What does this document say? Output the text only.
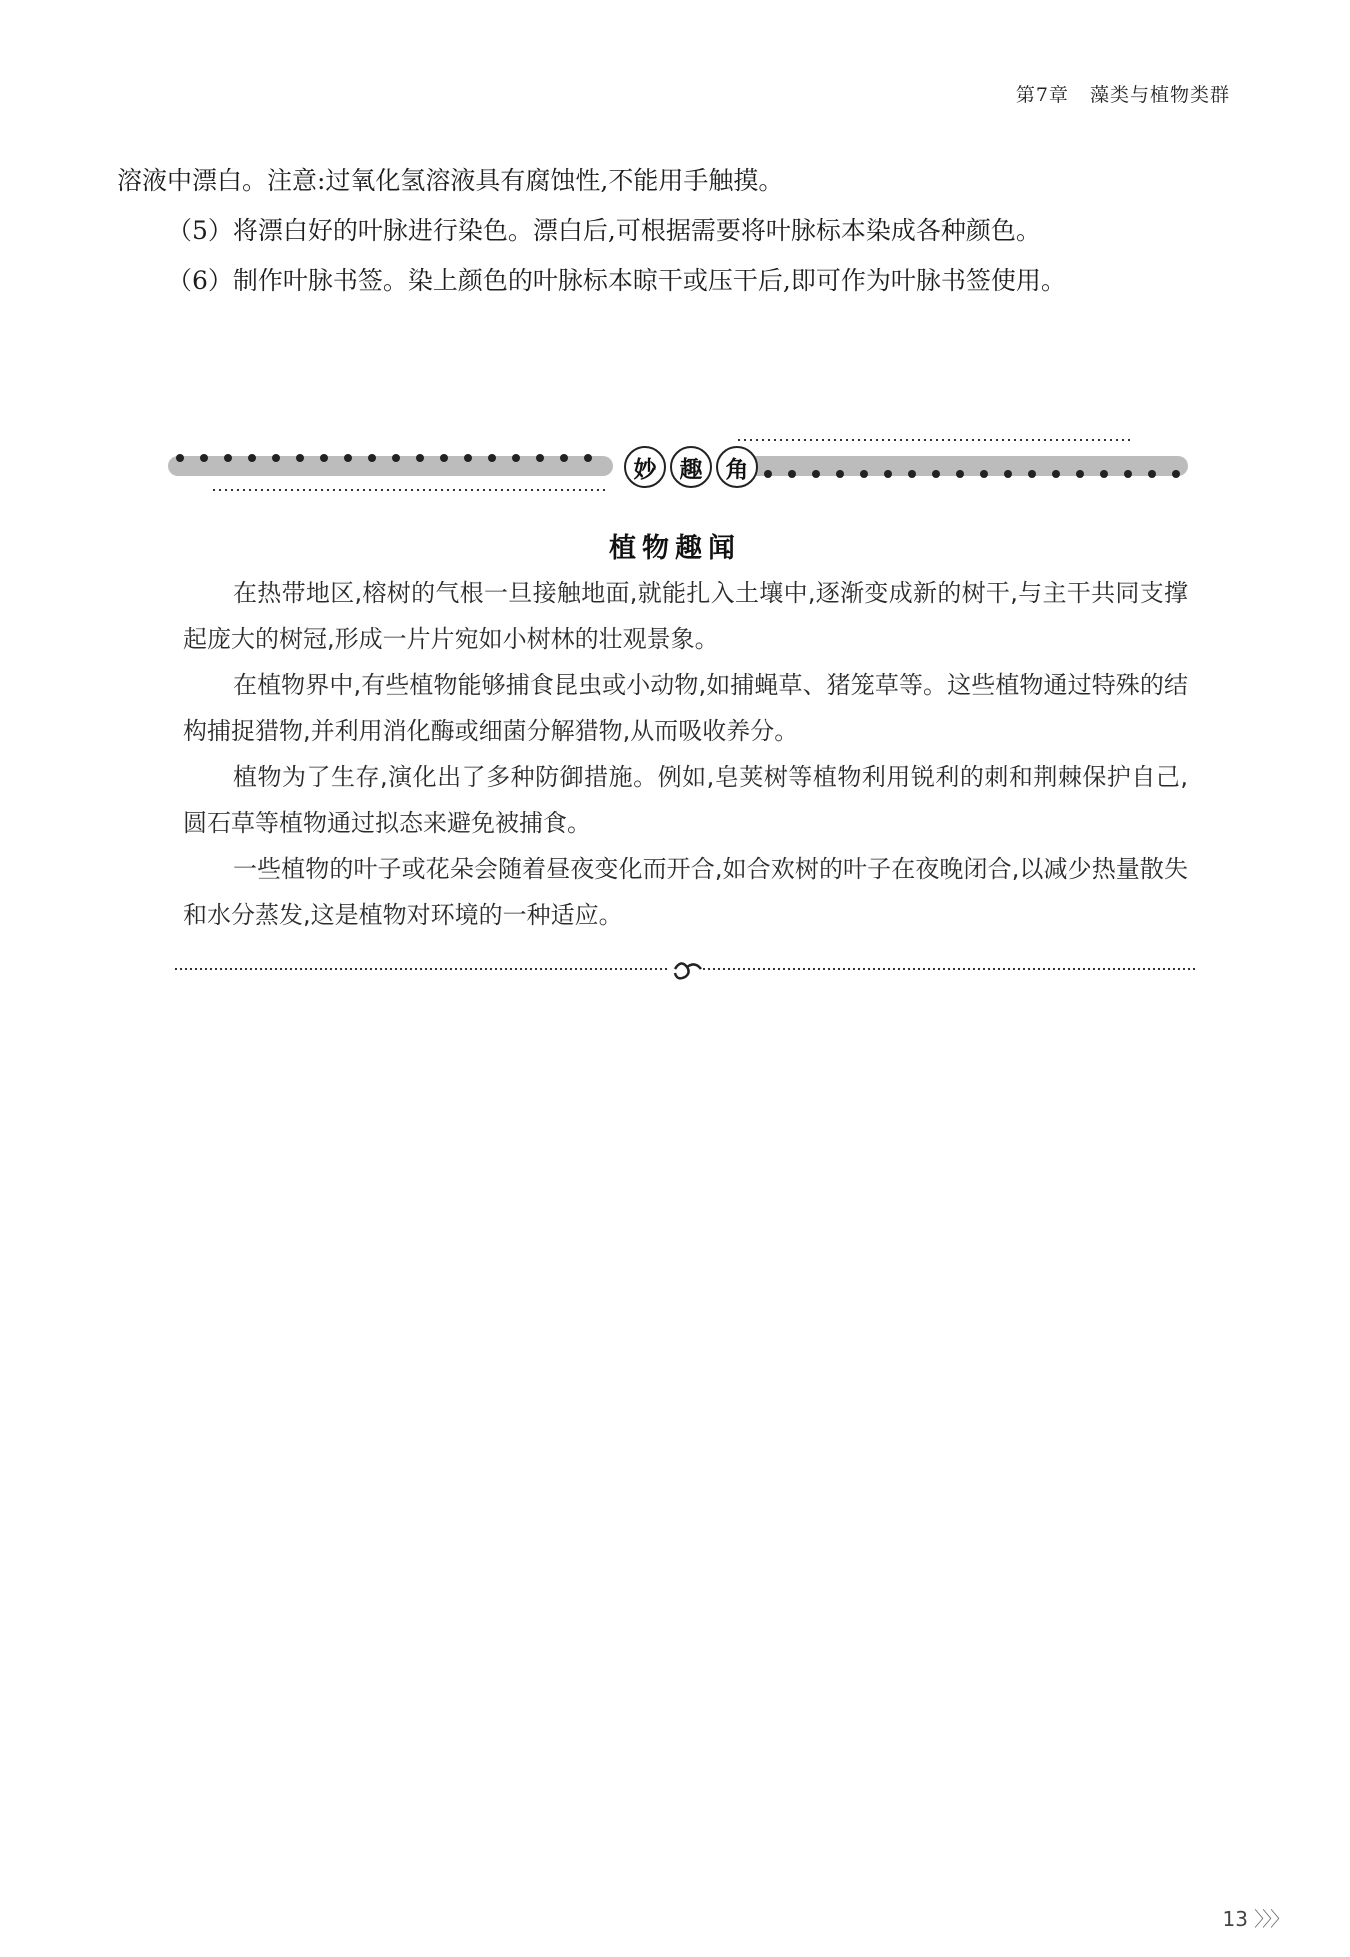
第7章 藻类与植物类群

溶液中漂白。注意:过氧化氢溶液具有腐蚀性,不能用手触摸。

（5）将漂白好的叶脉进行染色。漂白后,可根据需要将叶脉标本染成各种颜色。

（6）制作叶脉书签。染上颜色的叶脉标本晾干或压干后,即可作为叶脉书签使用。

妙	趣	角
植物趣闻

在热带地区,榕树的气根一旦接触地面,就能扎入土壤中,逐渐变成新的树干,与主干共同支撑起庞大的树冠,形成一片片宛如小树林的壮观景象。

在植物界中,有些植物能够捕食昆虫或小动物,如捕蝇草、猪笼草等。这些植物通过特殊的结构捕捉猎物,并利用消化酶或细菌分解猎物,从而吸收养分。

植物为了生存,演化出了多种防御措施。例如,皂荚树等植物利用锐利的刺和荆棘保护自己,圆石草等植物通过拟态来避免被捕食。

一些植物的叶子或花朵会随着昼夜变化而开合,如合欢树的叶子在夜晚闭合,以减少热量散失和水分蒸发,这是植物对环境的一种适应。

13 〉〉〉
